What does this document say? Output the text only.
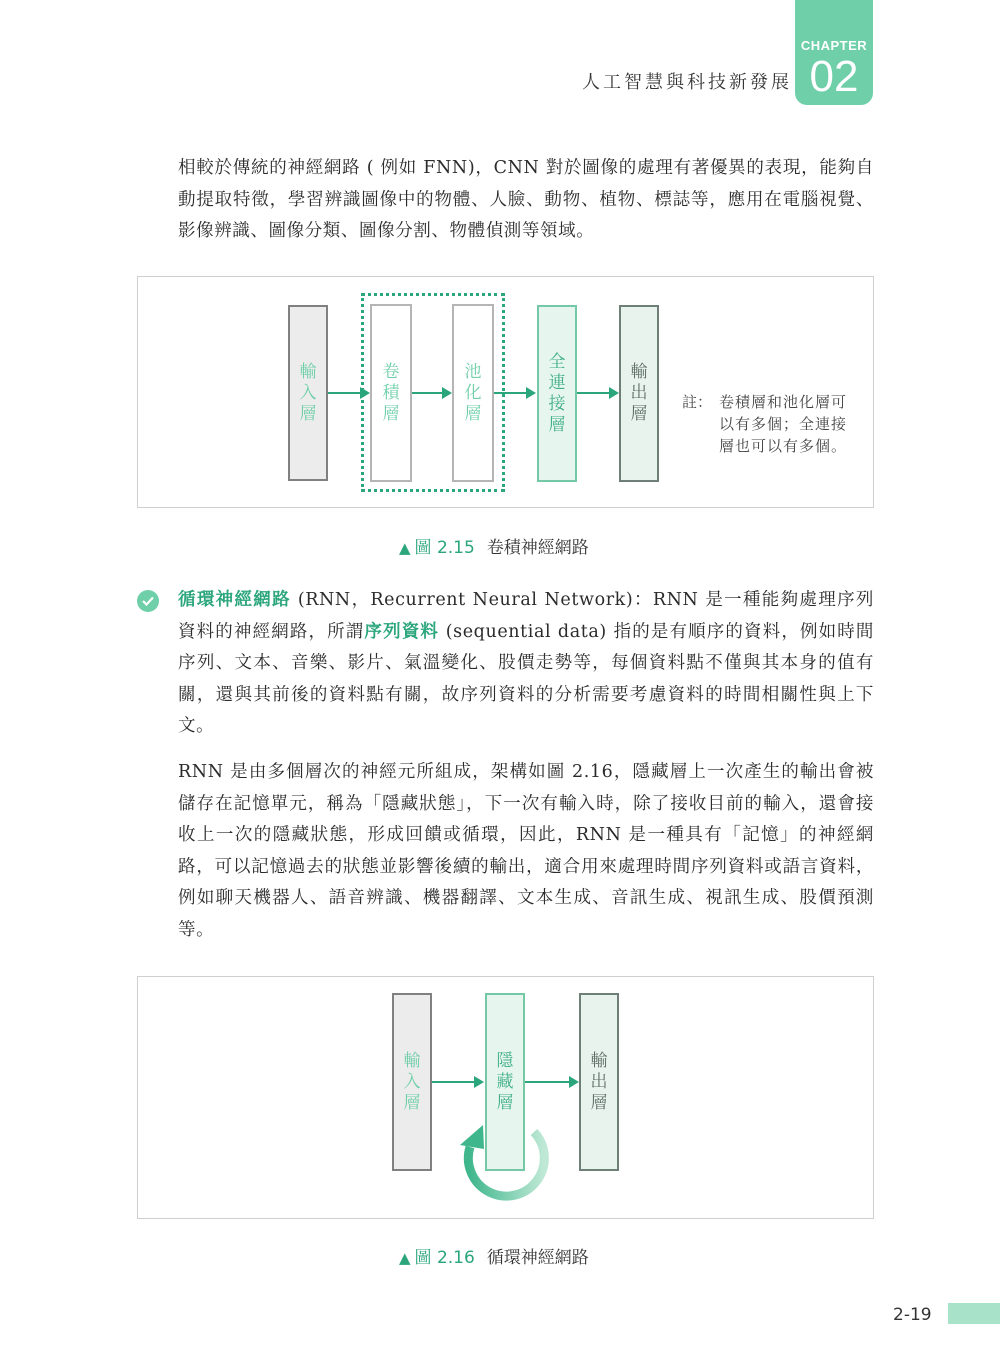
人工智慧與科技新發展
CHAPTER
02
相較於傳統的神經網路 ( 例如 FNN)，CNN 對於圖像的處理有著優異的表現，能夠自動提取特徵，學習辨識圖像中的物體、人臉、動物、植物、標誌等，應用在電腦視覺、影像辨識、圖像分類、圖像分割、物體偵測等領域。
輸入層
卷積層
池化層
全連接層
輸出層
註： 卷積層和池化層可以有多個；全連接層也可以有多個。
▲ 圖 2.15 卷積神經網路
循環神經網路 (RNN，Recurrent Neural Network)：RNN 是一種能夠處理序列資料的神經網路，所謂序列資料 (sequential data) 指的是有順序的資料，例如時間序列、文本、音樂、影片、氣溫變化、股價走勢等，每個資料點不僅與其本身的值有關，還與其前後的資料點有關，故序列資料的分析需要考慮資料的時間相關性與上下文。
RNN 是由多個層次的神經元所組成，架構如圖 2.16，隱藏層上一次產生的輸出會被儲存在記憶單元，稱為「隱藏狀態」，下一次有輸入時，除了接收目前的輸入，還會接收上一次的隱藏狀態，形成回饋或循環，因此，RNN 是一種具有「記憶」的神經網路，可以記憶過去的狀態並影響後續的輸出，適合用來處理時間序列資料或語言資料，例如聊天機器人、語音辨識、機器翻譯、文本生成、音訊生成、視訊生成、股價預測等。
輸入層
隱藏層
輸出層
▲ 圖 2.16 循環神經網路
2-19
